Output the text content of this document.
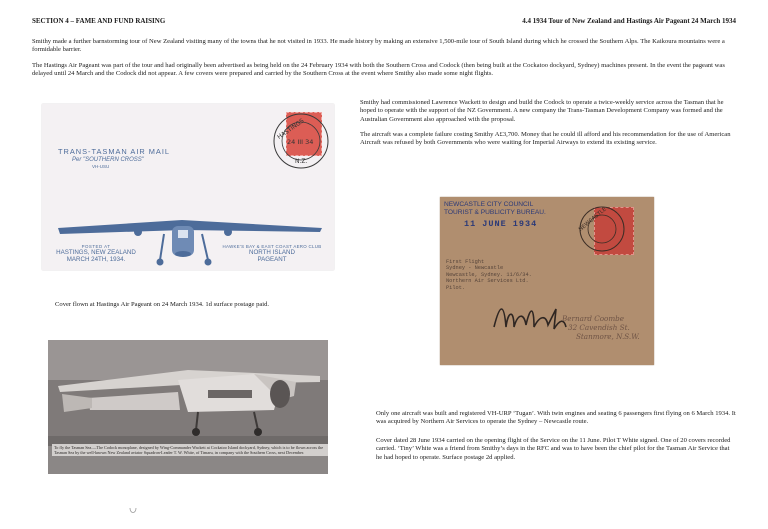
SECTION 4 – FAME AND FUND RAISING	4.4 1934 Tour of New Zealand and Hastings Air Pageant 24 March 1934

Smithy made a further barnstorming tour of New Zealand visiting many of the towns that he not visited in 1933. He made history by making an extensive 1,500-mile tour of South Island during which he crossed the Southern Alps. The Kaikoura mountains were a formidable barrier.

The Hastings Air Pageant was part of the tour and had originally been advertised as being held on the 24 February 1934 with both the Southern Cross and Codock (then being built at the Cockatoo dockyard, Sydney) machines present. In the event the pageant was delayed until 24 March and the Codock did not appear. A few covers were prepared and carried by the Southern Cross at the event where Smithy also made some night flights.

Smithy had commissioned Lawrence Wackett to design and build the Codock to operate a twice-weekly service across the Tasman that he hoped to operate with the support of the NZ Government. A new company the Trans-Tasman Development Company was formed and the Australian Government also approached with the proposal.

The aircraft was a complete failure costing Smithy A£3,700. Money that he could ill afford and his recommendation for the use of American Aircraft was refused by both Governments who were waiting for Imperial Airways to extend its existing service.

Only one aircraft was built and registered VH-URP ‘Tugan’. With twin engines and seating 6 passengers first flying on 6 March 1934. It was acquired by Northern Air Services to operate the Sydney – Newcastle route.

Cover dated 28 June 1934 carried on the opening flight of the Service on the 11 June. Pilot T White signed. One of 20 covers recorded carried. ‘Tiny’ White was a friend from Smithy’s days in the RFC and was to have been the chief pilot for the Tasman Air Service that he had hoped to operate. Surface postage 2d applied.

TRANS-TASMAN AIR MAIL
Per "SOUTHERN CROSS"
VH-USU
POSTED AT
HASTINGS, NEW ZEALAND
MARCH 24TH, 1934.
HAWKE'S BAY & EAST COAST AERO CLUB
NORTH ISLAND
PAGEANT
HASTINGS
24 III 34
N.Z.
Cover flown at Hastings Air Pageant on 24 March 1934. 1d surface postage paid.
To fly the Tasman Sea.—The Codock monoplane, designed by Wing-Commander Wackett at Cockatoo Island dockyard, Sydney, which is to be flown across the Tasman Sea by the well-known New Zealand aviator Squadron-Leader T. W. White, of Timaru, in company with the Southern Cross, next December.
NEWCASTLE CITY COUNCIL
TOURIST & PUBLICITY BUREAU.
11 JUNE 1934
First Flight
Sydney - Newcastle
Newcastle, Sydney. 11/6/34.
Northern Air Services Ltd.
Pilot.
Bernard Coombe
32 Cavendish St.
Stanmore, N.S.W.
NEWCASTLE
